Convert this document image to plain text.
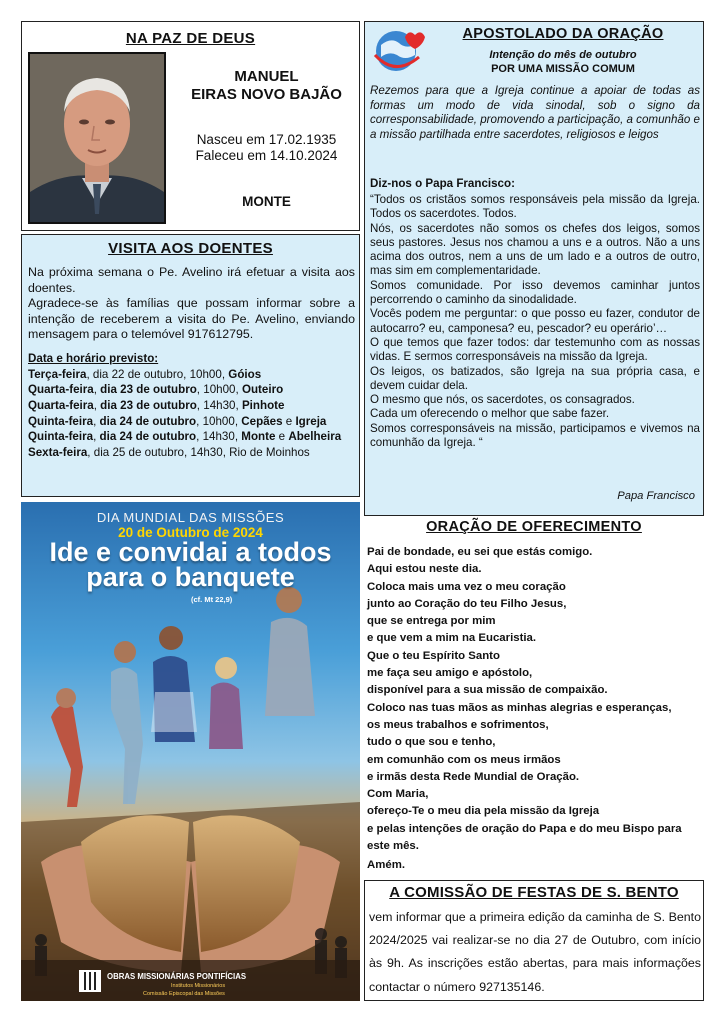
NA PAZ DE DEUS
MANUEL
EIRAS NOVO BAJÃO
Nasceu em 17.02.1935
Faleceu em 14.10.2024
MONTE
VISITA AOS DOENTES

Na próxima semana o Pe. Avelino irá efetuar a visita aos doentes.

Agradece-se às famílias que possam informar sobre a intenção de receberem a visita do Pe. Avelino, enviando mensagem para o telemóvel 917612795.

Data e horário previsto:

Terça-feira, dia 22 de outubro, 10h00, Góios
Quarta-feira, dia 23 de outubro, 10h00, Outeiro
Quarta-feira, dia 23 de outubro, 14h30, Pinhote
Quinta-feira, dia 24 de outubro, 10h00, Cepães e Igreja
Quinta-feira, dia 24 de outubro, 14h30, Monte e Abelheira
Sexta-feira, dia 25 de outubro, 14h30, Rio de Moinhos
DIA MUNDIAL DAS MISSÕES
20 de Outubro de 2024
Ide e convidai a todos
para o banquete
(cf. Mt 22,9)
OBRAS MISSIONÁRIAS PONTIFÍCIAS
Institutos Missionários
Comissão Episcopal das Missões
APOSTOLADO DA ORAÇÃO
Intenção do mês de outubro
POR UMA MISSÃO COMUM

Rezemos para que a Igreja continue a apoiar de todas as formas um modo de vida sinodal, sob o signo da corresponsabilidade, promovendo a participação, a comunhão e a missão partilhada entre sacerdotes, religiosos e leigos

Diz-nos o Papa Francisco:

“Todos os cristãos somos responsáveis pela missão da Igreja. Todos os sacerdotes. Todos.

Nós, os sacerdotes não somos os chefes dos leigos, somos seus pastores. Jesus nos chamou a uns e a outros. Não a uns acima dos outros, nem a uns de um lado e a outros de outro, mas sim em complementaridade.

Somos comunidade. Por isso devemos caminhar juntos percorrendo o caminho da sinodalidade.

Vocês podem me perguntar: o que posso eu fazer, condutor de autocarro? eu, camponesa? eu, pescador? eu operário’…

O que temos que fazer todos: dar testemunho com as nossas vidas. E sermos corresponsáveis na missão da Igreja.

Os leigos, os batizados, são Igreja na sua própria casa, e devem cuidar dela.

O mesmo que nós, os sacerdotes, os consagrados.

Cada um oferecendo o melhor que sabe fazer.

Somos corresponsáveis na missão, participamos e vivemos na comunhão da Igreja. “

Papa Francisco
ORAÇÃO DE OFERECIMENTO
Pai de bondade, eu sei que estás comigo.
Aqui estou neste dia.
Coloca mais uma vez o meu coração
junto ao Coração do teu Filho Jesus,
que se entrega por mim
e que vem a mim na Eucaristia.
Que o teu Espírito Santo
me faça seu amigo e apóstolo,
disponível para a sua missão de compaixão.
Coloco nas tuas mãos as minhas alegrias e esperanças,
os meus trabalhos e sofrimentos,
tudo o que sou e tenho,
em comunhão com os meus irmãos
e irmãs desta Rede Mundial de Oração.
Com Maria,
ofereço-Te o meu dia pela missão da Igreja
e pelas intenções de oração do Papa e do meu Bispo para este mês.
Amém.
A COMISSÃO DE FESTAS DE S. BENTO

vem informar que a primeira edição da caminha de S. Bento 2024/2025 vai realizar-se no dia 27 de Outubro, com início às 9h. As inscrições estão abertas, para mais informações contactar o número 927135146.
